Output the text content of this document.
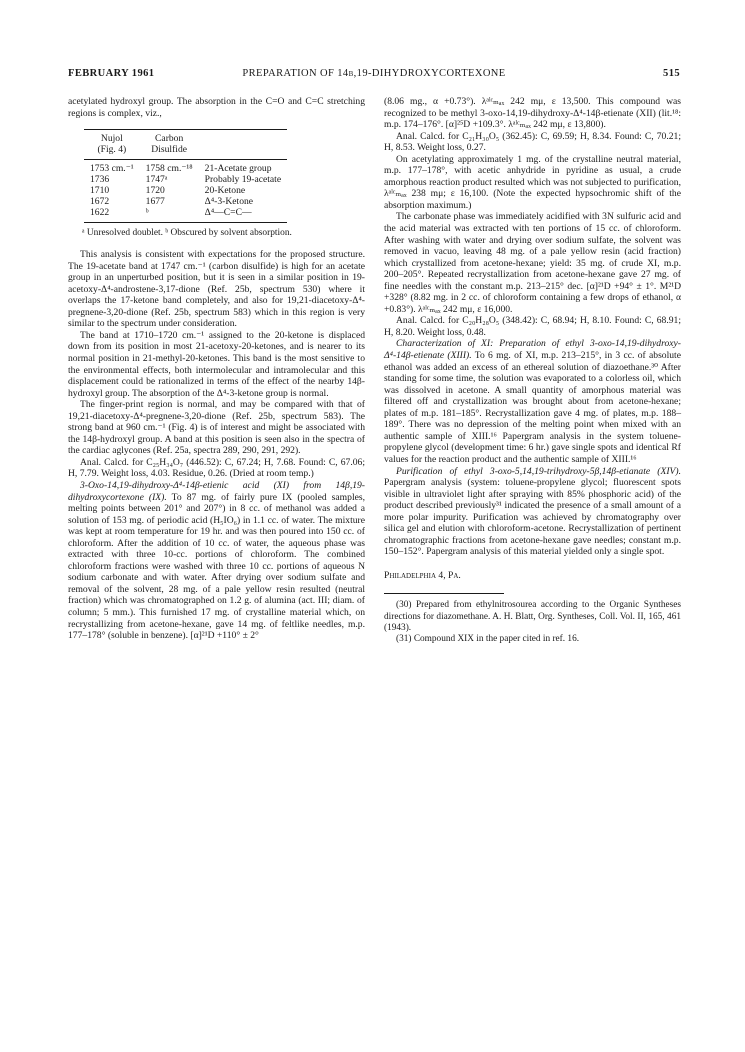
FEBRUARY 1961	PREPARATION OF 14β,19-DIHYDROXYCORTEXONE	515

acetylated hydroxyl group. The absorption in the C=O and C=C stretching regions is complex, viz.,

Nujol	Carbon	
(Fig. 4)	Disulfide	
1753 cm.⁻¹	1758 cm.⁻¹⁸	21-Acetate group
1736	1747ᵃ	Probably 19-acetate
1710	1720	20-Ketone
1672	1677	Δ⁴-3-Ketone
1622	ᵇ	Δ⁴—C=C—
ᵃ Unresolved doublet. ᵇ Obscured by solvent absorption.

This analysis is consistent with expectations for the proposed structure. The 19-acetate band at 1747 cm.⁻¹ (carbon disulfide) is high for an acetate group in an unperturbed position, but it is seen in a similar position in 19-acetoxy-Δ⁴-androstene-3,17-dione (Ref. 25b, spectrum 530) where it overlaps the 17-ketone band completely, and also for 19,21-diacetoxy-Δ⁴-pregnene-3,20-dione (Ref. 25b, spectrum 583) which in this region is very similar to the spectrum under consideration.

The band at 1710–1720 cm.⁻¹ assigned to the 20-ketone is displaced down from its position in most 21-acetoxy-20-ketones, and is nearer to its normal position in 21-methyl-20-ketones. This band is the most sensitive to the environmental effects, both intermolecular and intramolecular and this displacement could be rationalized in terms of the effect of the nearby 14β-hydroxyl group. The absorption of the Δ⁴-3-ketone group is normal.

The finger-print region is normal, and may be compared with that of 19,21-diacetoxy-Δ⁴-pregnene-3,20-dione (Ref. 25b, spectrum 583). The strong band at 960 cm.⁻¹ (Fig. 4) is of interest and might be associated with the 14β-hydroxyl group. A band at this position is seen also in the spectra of the cardiac aglycones (Ref. 25a, spectra 289, 290, 291, 292).

Anal. Calcd. for C₂₅H₃₄O₇ (446.52): C, 67.24; H, 7.68. Found: C, 67.06; H, 7.79. Weight loss, 4.03. Residue, 0.26. (Dried at room temp.)

3-Oxo-14,19-dihydroxy-Δ⁴-14β-etienic acid (XI) from 14β,19-dihydroxycortexone (IX). To 87 mg. of fairly pure IX (pooled samples, melting points between 201° and 207°) in 8 cc. of methanol was added a solution of 153 mg. of periodic acid (H₅IO₆) in 1.1 cc. of water. The mixture was kept at room temperature for 19 hr. and was then poured into 150 cc. of chloroform. After the addition of 10 cc. of water, the aqueous phase was extracted with three 10-cc. portions of chloroform. The combined chloroform fractions were washed with three 10 cc. portions of aqueous N sodium carbonate and with water. After drying over sodium sulfate and removal of the solvent, 28 mg. of a pale yellow resin resulted (neutral fraction) which was chromatographed on 1.2 g. of alumina (act. III; diam. of column; 5 mm.). This furnished 17 mg. of crystalline material which, on recrystallizing from acetone-hexane, gave 14 mg. of feltlike needles, m.p. 177–178° (soluble in benzene). [α]²¹D +110° ± 2°

(8.06 mg., α +0.73°). λᵃˡᶜₘₐₓ 242 mμ, ε 13,500. This compound was recognized to be methyl 3-oxo-14,19-dihydroxy-Δ⁴-14β-etienate (XII) (lit.¹⁸: m.p. 174–176°. [α]²⁵D +109.3°. λᵃˡᶜₘₐₓ 242 mμ, ε 13,800).

Anal. Calcd. for C₂₁H₃₀O₅ (362.45): C, 69.59; H, 8.34. Found: C, 70.21; H, 8.53. Weight loss, 0.27.

On acetylating approximately 1 mg. of the crystalline neutral material, m.p. 177–178°, with acetic anhydride in pyridine as usual, a crude amorphous reaction product resulted which was not subjected to purification, λᵃˡᶜₘₐₓ 238 mμ; ε 16,100. (Note the expected hypsochromic shift of the absorption maximum.)

The carbonate phase was immediately acidified with 3N sulfuric acid and the acid material was extracted with ten portions of 15 cc. of chloroform. After washing with water and drying over sodium sulfate, the solvent was removed in vacuo, leaving 48 mg. of a pale yellow resin (acid fraction) which crystallized from acetone-hexane; yield: 35 mg. of crude XI, m.p. 200–205°. Repeated recrystallization from acetone-hexane gave 27 mg. of fine needles with the constant m.p. 213–215° dec. [α]²¹D +94° ± 1°. M²¹D +328° (8.82 mg. in 2 cc. of chloroform containing a few drops of ethanol, α +0.83°). λᵃˡᶜₘₐₓ 242 mμ, ε 16,000.

Anal. Calcd. for C₂₀H₂₈O₅ (348.42): C, 68.94; H, 8.10. Found: C, 68.91; H, 8.20. Weight loss, 0.48.

Characterization of XI: Preparation of ethyl 3-oxo-14,19-dihydroxy-Δ⁴-14β-etienate (XIII). To 6 mg. of XI, m.p. 213–215°, in 3 cc. of absolute ethanol was added an excess of an ethereal solution of diazoethane.³⁰ After standing for some time, the solution was evaporated to a colorless oil, which was dissolved in acetone. A small quantity of amorphous material was filtered off and crystallization was brought about from acetone-hexane; plates of m.p. 181–185°. Recrystallization gave 4 mg. of plates, m.p. 188–189°. There was no depression of the melting point when mixed with an authentic sample of XIII.¹⁶ Papergram analysis in the system toluene-propylene glycol (development time: 6 hr.) gave single spots and identical Rf values for the reaction product and the authentic sample of XIII.¹⁶

Purification of ethyl 3-oxo-5,14,19-trihydroxy-5β,14β-etianate (XIV). Papergram analysis (system: toluene-propylene glycol; fluorescent spots visible in ultraviolet light after spraying with 85% phosphoric acid) of the product described previously³¹ indicated the presence of a small amount of a more polar impurity. Purification was achieved by chromatography over silica gel and elution with chloroform-acetone. Recrystallization of pertinent chromatographic fractions from acetone-hexane gave needles; constant m.p. 150–152°. Papergram analysis of this material yielded only a single spot.

Philadelphia 4, Pa.

(30) Prepared from ethylnitrosourea according to the Organic Syntheses directions for diazomethane. A. H. Blatt, Org. Syntheses, Coll. Vol. II, 165, 461 (1943).

(31) Compound XIX in the paper cited in ref. 16.
